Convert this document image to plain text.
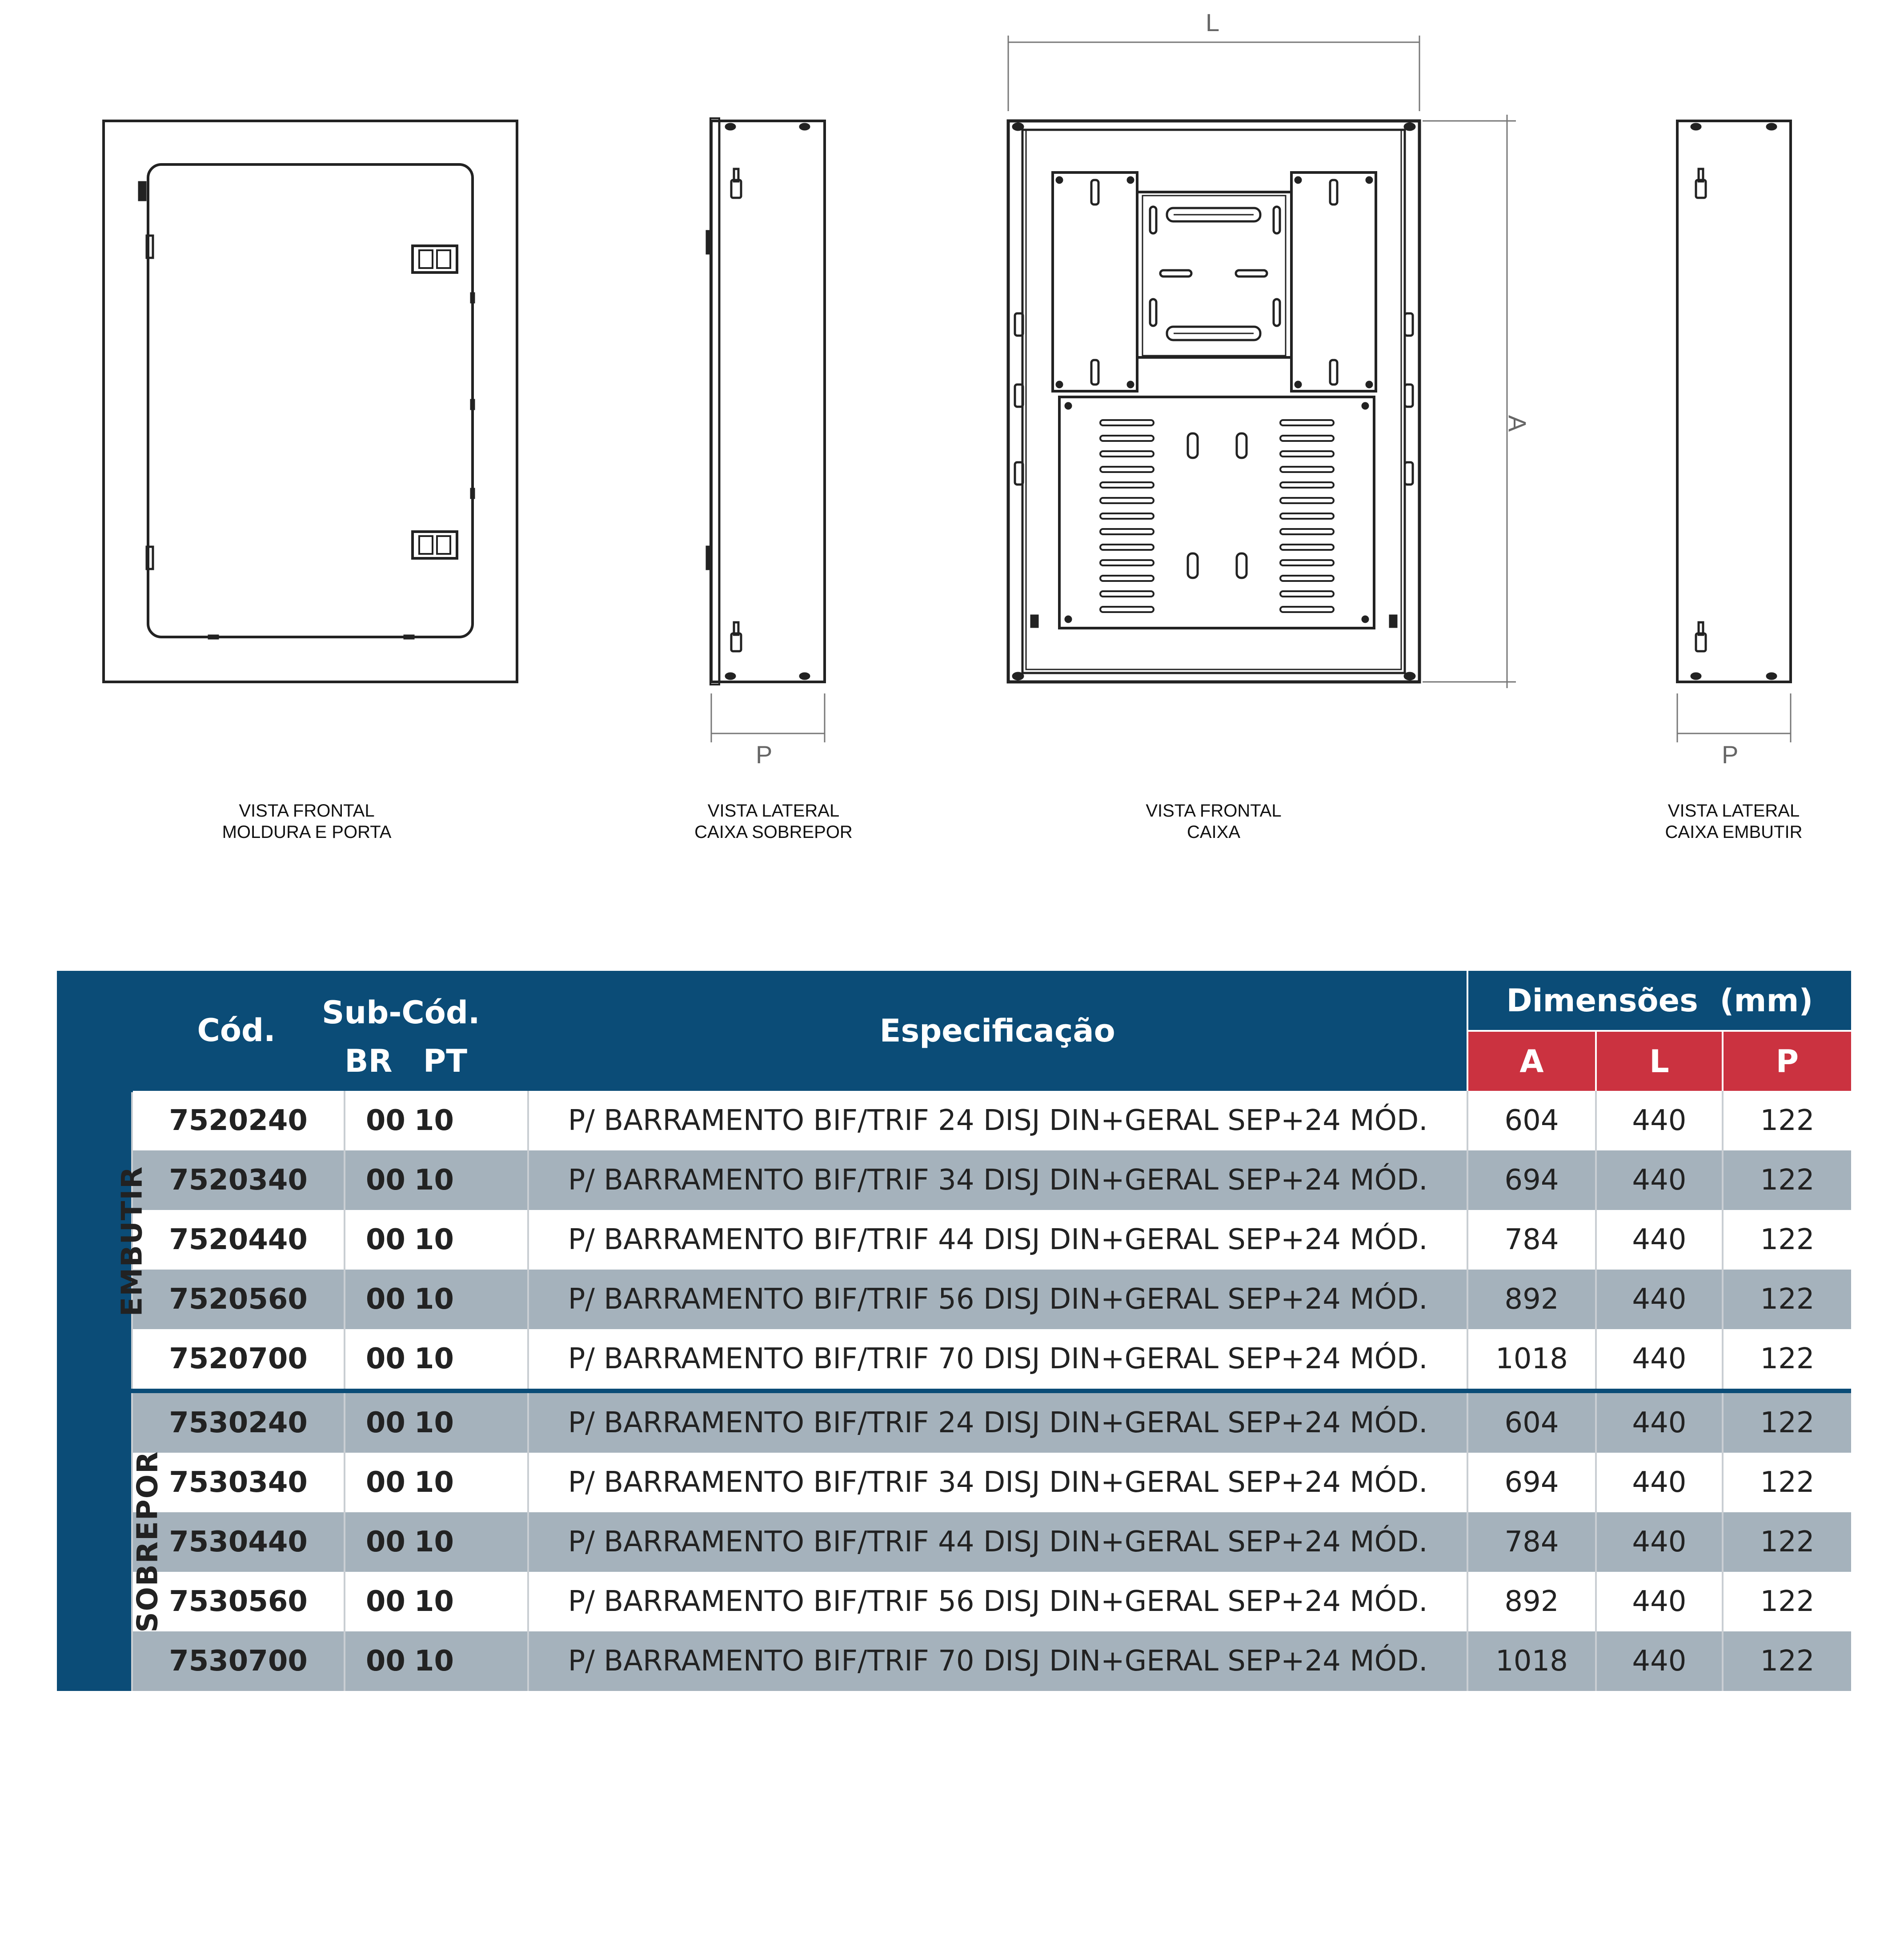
L
A
P	P
VISTA FRONTAL
MOLDURA E PORTA
VISTA LATERAL
CAIXA SOBREPOR
VISTA FRONTAL
CAIXA
VISTA LATERAL
CAIXA EMBUTIR
Cód.		Sub-Cód.		Especificação	Dimensões  (mm)		
		BR	PT		A	L	P
EMBUTIR	7520240	00	10	P/ BARRAMENTO BIF/TRIF 24 DISJ DIN+GERAL SEP+24 MÓD.	604	440	122
	7520340	00	10	P/ BARRAMENTO BIF/TRIF 34 DISJ DIN+GERAL SEP+24 MÓD.	694	440	122
	7520440	00	10	P/ BARRAMENTO BIF/TRIF 44 DISJ DIN+GERAL SEP+24 MÓD.	784	440	122
	7520560	00	10	P/ BARRAMENTO BIF/TRIF 56 DISJ DIN+GERAL SEP+24 MÓD.	892	440	122
	7520700	00	10	P/ BARRAMENTO BIF/TRIF 70 DISJ DIN+GERAL SEP+24 MÓD.	1018	440	122
SOBREPOR	7530240	00	10	P/ BARRAMENTO BIF/TRIF 24 DISJ DIN+GERAL SEP+24 MÓD.	604	440	122
	7530340	00	10	P/ BARRAMENTO BIF/TRIF 34 DISJ DIN+GERAL SEP+24 MÓD.	694	440	122
	7530440	00	10	P/ BARRAMENTO BIF/TRIF 44 DISJ DIN+GERAL SEP+24 MÓD.	784	440	122
	7530560	00	10	P/ BARRAMENTO BIF/TRIF 56 DISJ DIN+GERAL SEP+24 MÓD.	892	440	122
	7530700	00	10	P/ BARRAMENTO BIF/TRIF 70 DISJ DIN+GERAL SEP+24 MÓD.	1018	440	122
